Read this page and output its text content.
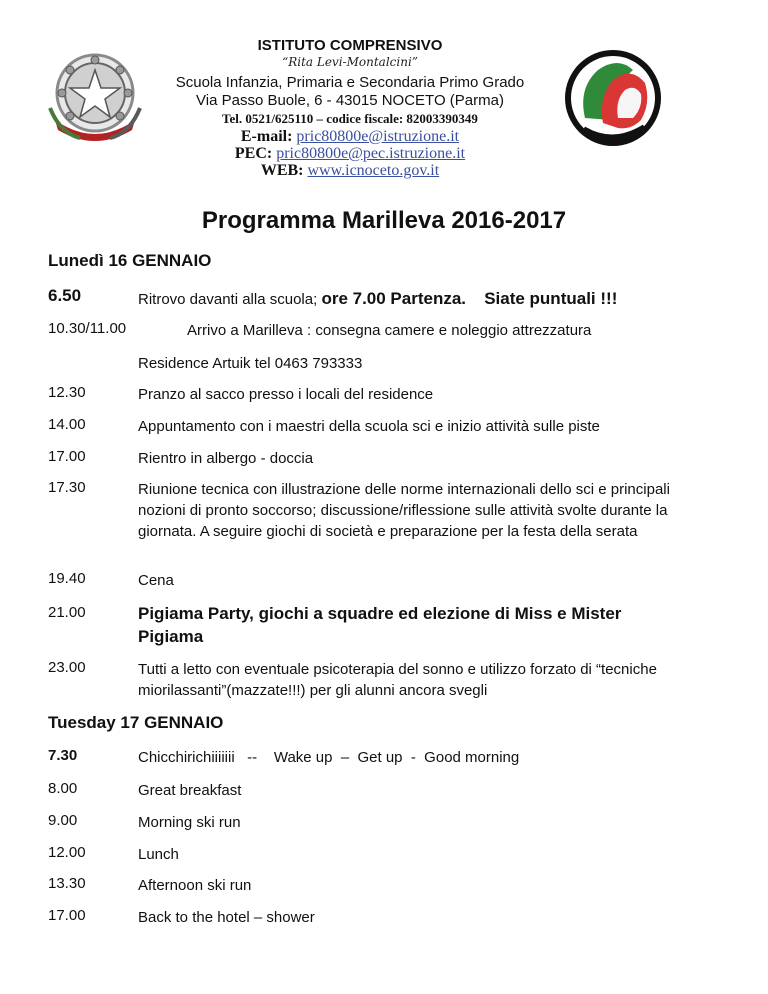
ISTITUTO COMPRENSIVO
“Rita Levi-Montalcini”
Scuola Infanzia, Primaria e Secondaria Primo Grado
Via Passo Buole, 6 - 43015 NOCETO (Parma)
Tel. 0521/625110 – codice fiscale: 82003390349
E-mail: pric80800e@istruzione.it
PEC: pric80800e@pec.istruzione.it
WEB: www.icnoceto.gov.it
Programma Marilleva 2016-2017
Lunedì 16 GENNAIO
6.50	Ritrovo davanti alla scuola; ore 7.00 Partenza. Siate puntuali !!!
10.30/11.00	Arrivo a Marilleva : consegna camere e noleggio attrezzatura
Residence Artuik tel 0463 793333
12.30	Pranzo al sacco presso i locali del residence
14.00	Appuntamento con i maestri della scuola sci e inizio attività sulle piste
17.00	Rientro in albergo - doccia
17.30	Riunione tecnica con illustrazione delle norme internazionali dello sci e principali nozioni di pronto soccorso; discussione/riflessione sulle attività svolte durante la giornata. A seguire giochi di società e preparazione per la festa della serata
19.40	Cena
21.00	Pigiama Party, giochi a squadre ed elezione di Miss e Mister Pigiama
23.00	Tutti a letto con eventuale psicoterapia del sonno e utilizzo forzato di “tecniche miorilassanti”(mazzate!!!) per gli alunni ancora svegli
Tuesday 17 GENNAIO
7.30	Chicchirichiiiiiii   --    Wake up  –  Get up  -  Good morning
8.00	Great breakfast
9.00	Morning ski run
12.00	Lunch
13.30	Afternoon ski run
17.00	Back to the hotel – shower
